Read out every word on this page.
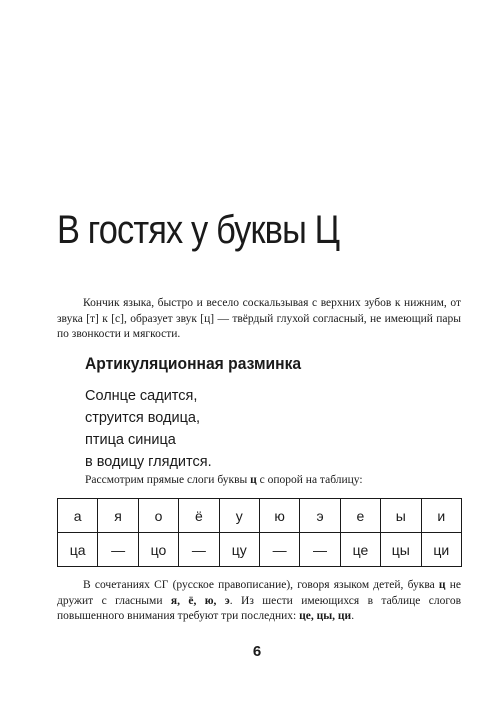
В гостях у буквы Ц

Кончик языка, быстро и весело соскальзывая с верхних зубов к нижним, от звука [т] к [с], образует звук [ц] — твёрдый глухой согласный, не имеющий пары по звонкости и мягкости.

Артикуляционная разминка
Солнце садится,
струится водица,
птица синица
в водицу глядится.

Рассмотрим прямые слоги буквы ц с опорой на таблицу:

а	я	о	ё	у	ю	э	е	ы	и
ца	—	цо	—	цу	—	—	це	цы	ци

В сочетаниях СГ (русское правописание), говоря языком детей, буква ц не дружит с гласными я, ё, ю, э. Из шести имеющихся в таблице слогов повышенного внимания требуют три последних: це, цы, ци.

6
